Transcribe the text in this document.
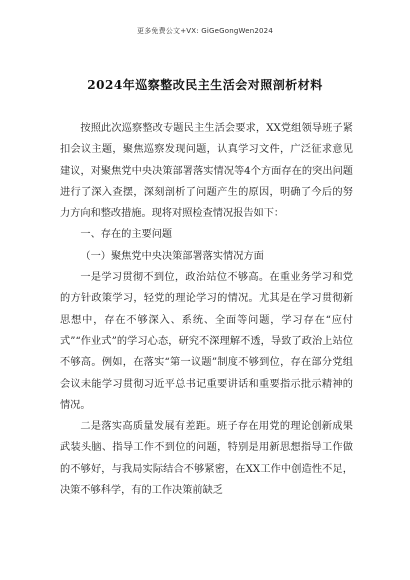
更多免费公文+VX: GiGeGongWen2024
2024年巡察整改民主生活会对照剖析材料

按照此次巡察整改专题民主生活会要求，XX党组领导班子紧扣会议主题，聚焦巡察发现问题，认真学习文件，广泛征求意见建议，对聚焦党中央决策部署落实情况等4个方面存在的突出问题进行了深入查摆，深刻剖析了问题产生的原因，明确了今后的努力方向和整改措施。现将对照检查情况报告如下：

一、存在的主要问题

（一）聚焦党中央决策部署落实情况方面

一是学习贯彻不到位，政治站位不够高。在重业务学习和党的方针政策学习，轻党的理论学习的情况。尤其是在学习贯彻新思想中，存在不够深入、系统、全面等问题，学习存在“应付式”“作业式”的学习心态，研究不深理解不透，导致了政治上站位不够高。例如，在落实“第一议题”制度不够到位，存在部分党组会议未能学习贯彻习近平总书记重要讲话和重要指示批示精神的情况。

二是落实高质量发展有差距。班子存在用党的理论创新成果武装头脑、指导工作不到位的问题，特别是用新思想指导工作做的不够好，与我局实际结合不够紧密，在XX工作中创造性不足，决策不够科学，有的工作决策前缺乏
